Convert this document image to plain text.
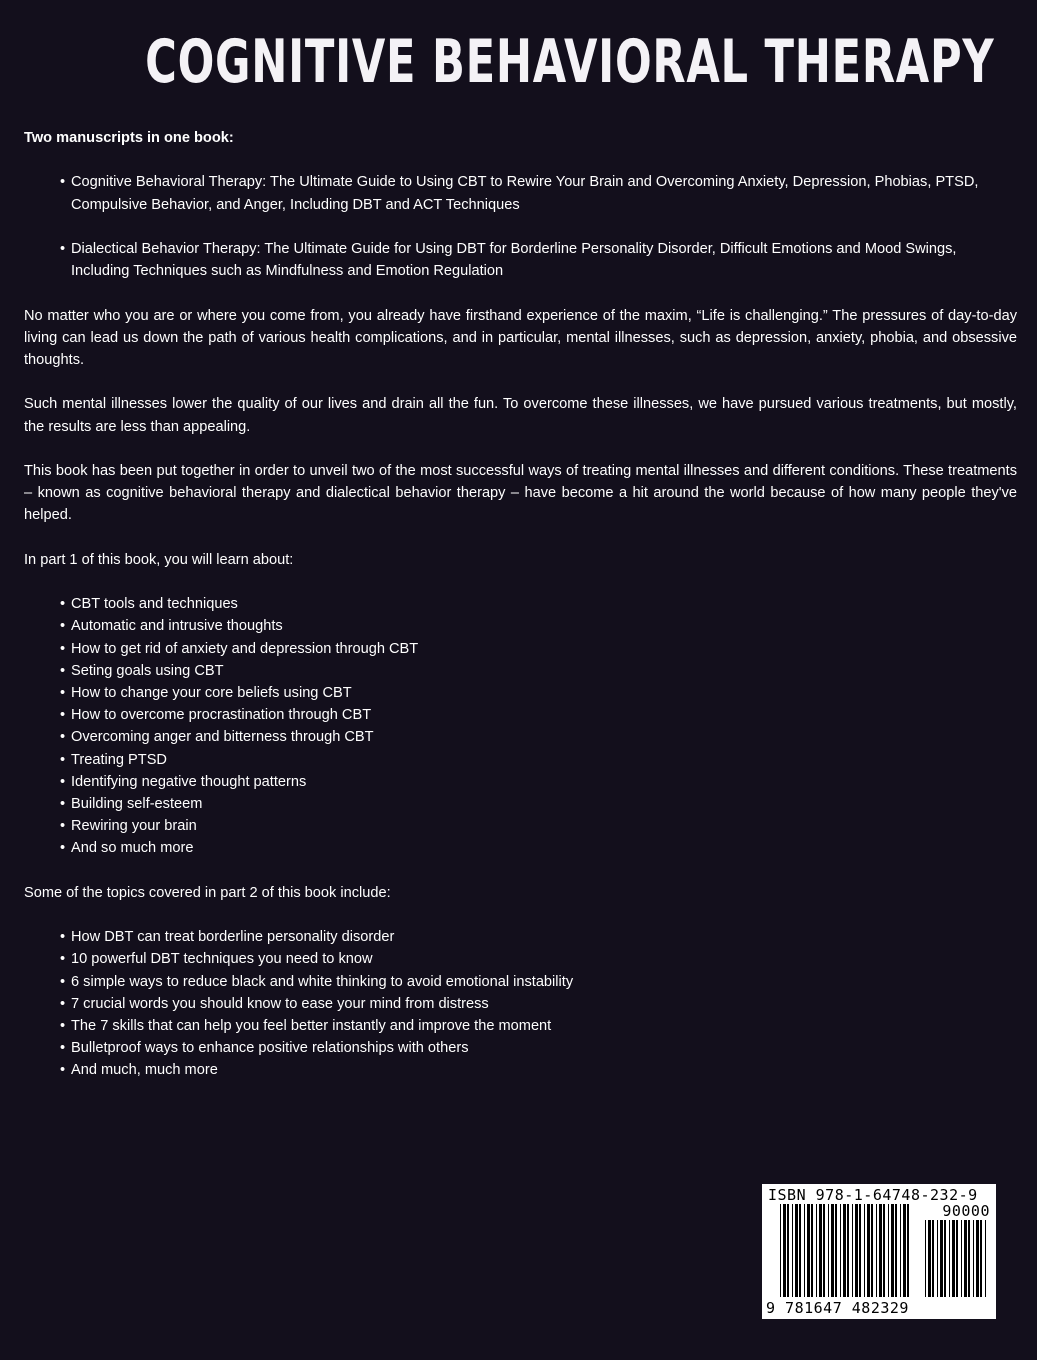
COGNITIVE BEHAVIORAL THERAPY

Two manuscripts in one book:

• Cognitive Behavioral Therapy: The Ultimate Guide to Using CBT to Rewire Your Brain and Overcoming Anxiety, Depression, Phobias, PTSD, Compulsive Behavior, and Anger, Including DBT and ACT Techniques
• Dialectical Behavior Therapy: The Ultimate Guide for Using DBT for Borderline Personality Disorder, Difficult Emotions and Mood Swings, Including Techniques such as Mindfulness and Emotion Regulation

No matter who you are or where you come from, you already have firsthand experience of the maxim, “Life is challenging.” The pressures of day-to-day living can lead us down the path of various health complications, and in particular, mental illnesses, such as depression, anxiety, phobia, and obsessive thoughts.

Such mental illnesses lower the quality of our lives and drain all the fun. To overcome these illnesses, we have pursued various treatments, but mostly, the results are less than appealing.

This book has been put together in order to unveil two of the most successful ways of treating mental illnesses and different conditions. These treatments – known as cognitive behavioral therapy and dialectical behavior therapy – have become a hit around the world because of how many people they've helped.

In part 1 of this book, you will learn about:

• CBT tools and techniques
• Automatic and intrusive thoughts
• How to get rid of anxiety and depression through CBT
• Seting goals using CBT
• How to change your core beliefs using CBT
• How to overcome procrastination through CBT
• Overcoming anger and bitterness through CBT
• Treating PTSD
• Identifying negative thought patterns
• Building self-esteem
• Rewiring your brain
• And so much more

Some of the topics covered in part 2 of this book include:

• How DBT can treat borderline personality disorder
• 10 powerful DBT techniques you need to know
• 6 simple ways to reduce black and white thinking to avoid emotional instability
• 7 crucial words you should know to ease your mind from distress
• The 7 skills that can help you feel better instantly and improve the moment
• Bulletproof ways to enhance positive relationships with others
• And much, much more
ISBN 978-1-64748-232-9
90000
9 781647 482329
